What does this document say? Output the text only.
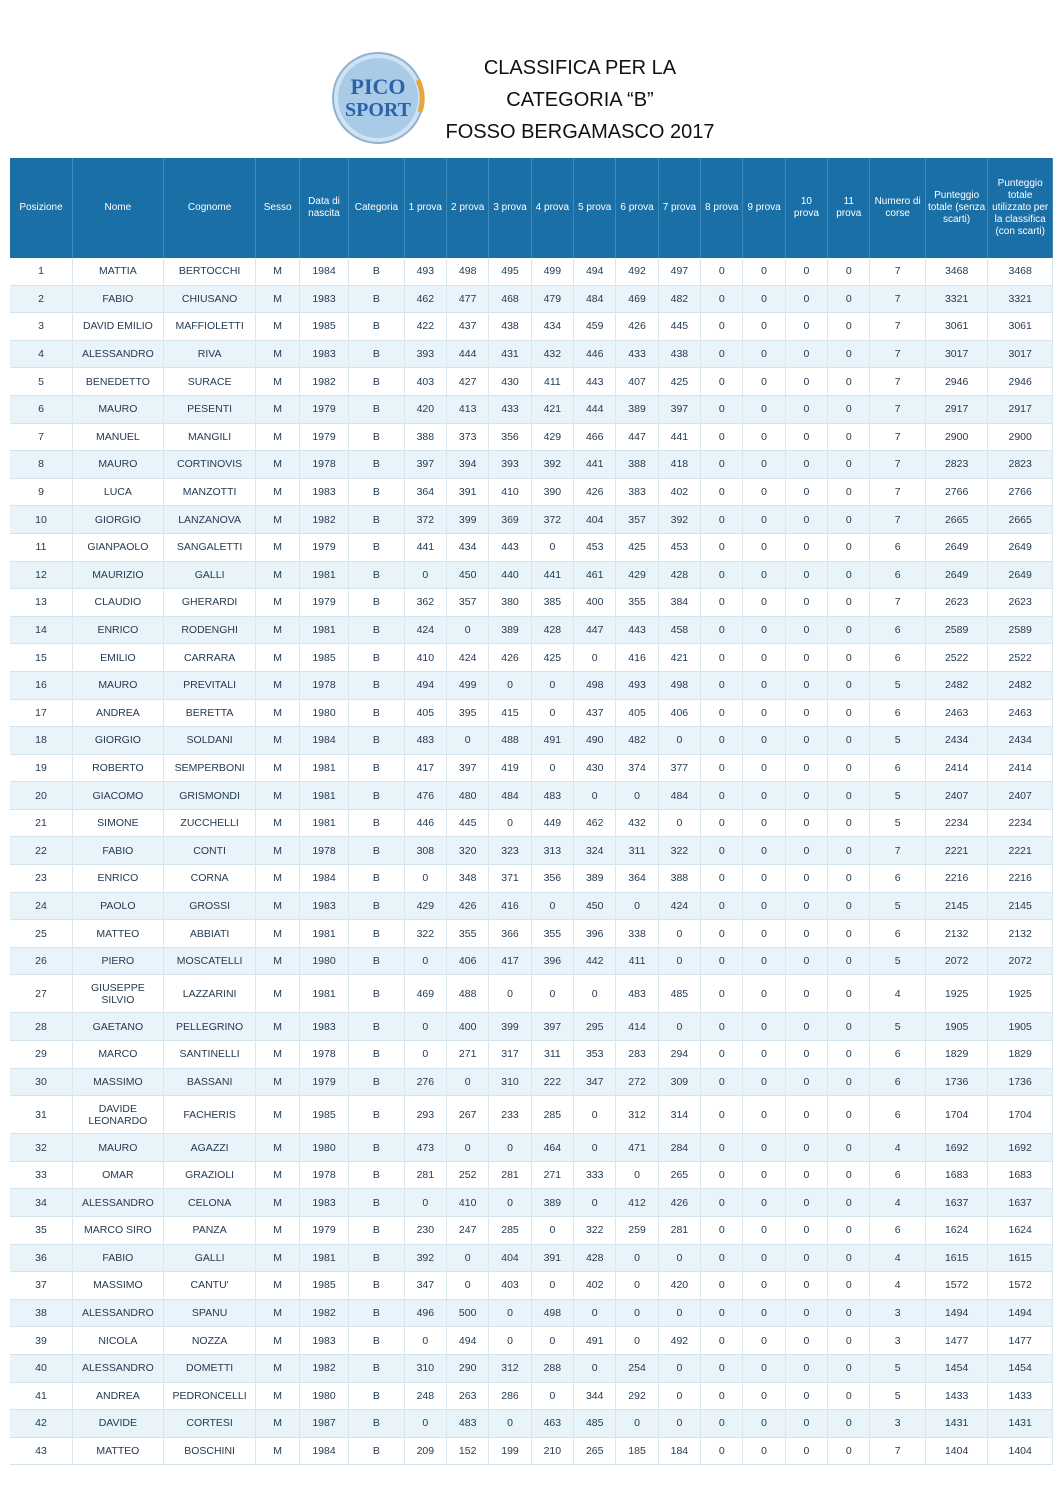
PICO
SPORT
CLASSIFICA PER LA
CATEGORIA “B”
FOSSO BERGAMASCO 2017
Posizione	Nome	Cognome	Sesso	Data di nascita	Categoria	1 prova	2 prova	3 prova	4 prova	5 prova	6 prova	7 prova	8 prova	9 prova	10 prova	11 prova	Numero di corse	Punteggio totale (senza scarti)	Punteggio totale utilizzato per la classifica (con scarti)
1	MATTIA	BERTOCCHI	M	1984	B	493	498	495	499	494	492	497	0	0	0	0	7	3468	3468
2	FABIO	CHIUSANO	M	1983	B	462	477	468	479	484	469	482	0	0	0	0	7	3321	3321
3	DAVID EMILIO	MAFFIOLETTI	M	1985	B	422	437	438	434	459	426	445	0	0	0	0	7	3061	3061
4	ALESSANDRO	RIVA	M	1983	B	393	444	431	432	446	433	438	0	0	0	0	7	3017	3017
5	BENEDETTO	SURACE	M	1982	B	403	427	430	411	443	407	425	0	0	0	0	7	2946	2946
6	MAURO	PESENTI	M	1979	B	420	413	433	421	444	389	397	0	0	0	0	7	2917	2917
7	MANUEL	MANGILI	M	1979	B	388	373	356	429	466	447	441	0	0	0	0	7	2900	2900
8	MAURO	CORTINOVIS	M	1978	B	397	394	393	392	441	388	418	0	0	0	0	7	2823	2823
9	LUCA	MANZOTTI	M	1983	B	364	391	410	390	426	383	402	0	0	0	0	7	2766	2766
10	GIORGIO	LANZANOVA	M	1982	B	372	399	369	372	404	357	392	0	0	0	0	7	2665	2665
11	GIANPAOLO	SANGALETTI	M	1979	B	441	434	443	0	453	425	453	0	0	0	0	6	2649	2649
12	MAURIZIO	GALLI	M	1981	B	0	450	440	441	461	429	428	0	0	0	0	6	2649	2649
13	CLAUDIO	GHERARDI	M	1979	B	362	357	380	385	400	355	384	0	0	0	0	7	2623	2623
14	ENRICO	RODENGHI	M	1981	B	424	0	389	428	447	443	458	0	0	0	0	6	2589	2589
15	EMILIO	CARRARA	M	1985	B	410	424	426	425	0	416	421	0	0	0	0	6	2522	2522
16	MAURO	PREVITALI	M	1978	B	494	499	0	0	498	493	498	0	0	0	0	5	2482	2482
17	ANDREA	BERETTA	M	1980	B	405	395	415	0	437	405	406	0	0	0	0	6	2463	2463
18	GIORGIO	SOLDANI	M	1984	B	483	0	488	491	490	482	0	0	0	0	0	5	2434	2434
19	ROBERTO	SEMPERBONI	M	1981	B	417	397	419	0	430	374	377	0	0	0	0	6	2414	2414
20	GIACOMO	GRISMONDI	M	1981	B	476	480	484	483	0	0	484	0	0	0	0	5	2407	2407
21	SIMONE	ZUCCHELLI	M	1981	B	446	445	0	449	462	432	0	0	0	0	0	5	2234	2234
22	FABIO	CONTI	M	1978	B	308	320	323	313	324	311	322	0	0	0	0	7	2221	2221
23	ENRICO	CORNA	M	1984	B	0	348	371	356	389	364	388	0	0	0	0	6	2216	2216
24	PAOLO	GROSSI	M	1983	B	429	426	416	0	450	0	424	0	0	0	0	5	2145	2145
25	MATTEO	ABBIATI	M	1981	B	322	355	366	355	396	338	0	0	0	0	0	6	2132	2132
26	PIERO	MOSCATELLI	M	1980	B	0	406	417	396	442	411	0	0	0	0	0	5	2072	2072
27	GIUSEPPE SILVIO	LAZZARINI	M	1981	B	469	488	0	0	0	483	485	0	0	0	0	4	1925	1925
28	GAETANO	PELLEGRINO	M	1983	B	0	400	399	397	295	414	0	0	0	0	0	5	1905	1905
29	MARCO	SANTINELLI	M	1978	B	0	271	317	311	353	283	294	0	0	0	0	6	1829	1829
30	MASSIMO	BASSANI	M	1979	B	276	0	310	222	347	272	309	0	0	0	0	6	1736	1736
31	DAVIDE LEONARDO	FACHERIS	M	1985	B	293	267	233	285	0	312	314	0	0	0	0	6	1704	1704
32	MAURO	AGAZZI	M	1980	B	473	0	0	464	0	471	284	0	0	0	0	4	1692	1692
33	OMAR	GRAZIOLI	M	1978	B	281	252	281	271	333	0	265	0	0	0	0	6	1683	1683
34	ALESSANDRO	CELONA	M	1983	B	0	410	0	389	0	412	426	0	0	0	0	4	1637	1637
35	MARCO SIRO	PANZA	M	1979	B	230	247	285	0	322	259	281	0	0	0	0	6	1624	1624
36	FABIO	GALLI	M	1981	B	392	0	404	391	428	0	0	0	0	0	0	4	1615	1615
37	MASSIMO	CANTU'	M	1985	B	347	0	403	0	402	0	420	0	0	0	0	4	1572	1572
38	ALESSANDRO	SPANU	M	1982	B	496	500	0	498	0	0	0	0	0	0	0	3	1494	1494
39	NICOLA	NOZZA	M	1983	B	0	494	0	0	491	0	492	0	0	0	0	3	1477	1477
40	ALESSANDRO	DOMETTI	M	1982	B	310	290	312	288	0	254	0	0	0	0	0	5	1454	1454
41	ANDREA	PEDRONCELLI	M	1980	B	248	263	286	0	344	292	0	0	0	0	0	5	1433	1433
42	DAVIDE	CORTESI	M	1987	B	0	483	0	463	485	0	0	0	0	0	0	3	1431	1431
43	MATTEO	BOSCHINI	M	1984	B	209	152	199	210	265	185	184	0	0	0	0	7	1404	1404
